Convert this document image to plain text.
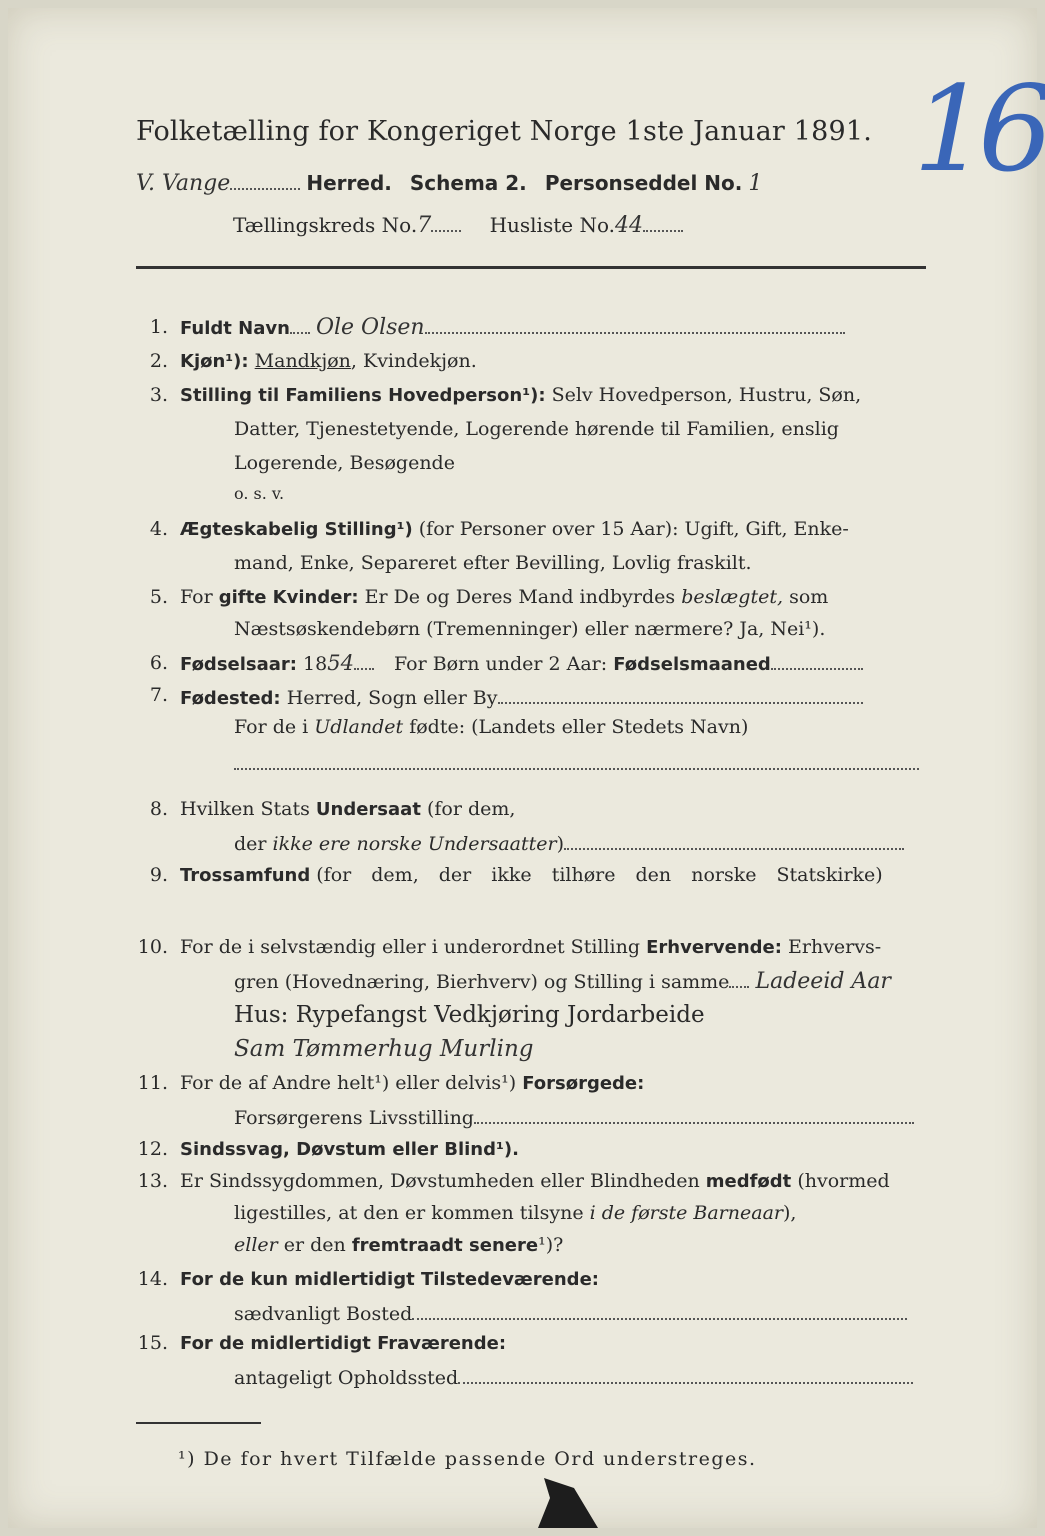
16
Folketælling for Kongeriget Norge 1ste Januar 1891.
V. Vange	Herred. Schema 2. Personseddel No. 1
Tællingskreds No.7	Husliste No.44
1. Fuldt Navn Ole Olsen
2. Kjøn¹): Mandkjøn, Kvindekjøn.
3. Stilling til Familiens Hovedperson¹): Selv Hovedperson, Hustru, Søn,
Datter, Tjenestetyende, Logerende hørende til Familien, enslig
Logerende, Besøgende
o. s. v.
4. Ægteskabelig Stilling¹) (for Personer over 15 Aar): Ugift, Gift, Enke-
mand, Enke, Separeret efter Bevilling, Lovlig fraskilt.
5. For gifte Kvinder: Er De og Deres Mand indbyrdes beslægtet, som
Næstsøskendebørn (Tremenninger) eller nærmere? Ja, Nei¹).
6. Fødselsaar: 1854 For Børn under 2 Aar: Fødselsmaaned
7. Fødested: Herred, Sogn eller By
For de i Udlandet fødte: (Landets eller Stedets Navn)
8. Hvilken Stats Undersaat (for dem,
der ikke ere norske Undersaatter)
9. Trossamfund (for dem, der ikke tilhøre den norske Statskirke)
10. For de i selvstændig eller i underordnet Stilling Erhvervende: Erhvervs-
gren (Hovednæring, Bierhverv) og Stilling i samme Ladeeid Aar
Hus: Rypefangst Vedkjøring Jordarbeide
Sam Tømmerhug Murling
11. For de af Andre helt¹) eller delvis¹) Forsørgede:
Forsørgerens Livsstilling
12. Sindssvag, Døvstum eller Blind¹).
13. Er Sindssygdommen, Døvstumheden eller Blindheden medfødt (hvormed
ligestilles, at den er kommen tilsyne i de første Barneaar),
eller er den fremtraadt senere¹)?
14. For de kun midlertidigt Tilstedeværende:
sædvanligt Bosted
15. For de midlertidigt Fraværende:
antageligt Opholdssted
¹) De for hvert Tilfælde passende Ord understreges.
